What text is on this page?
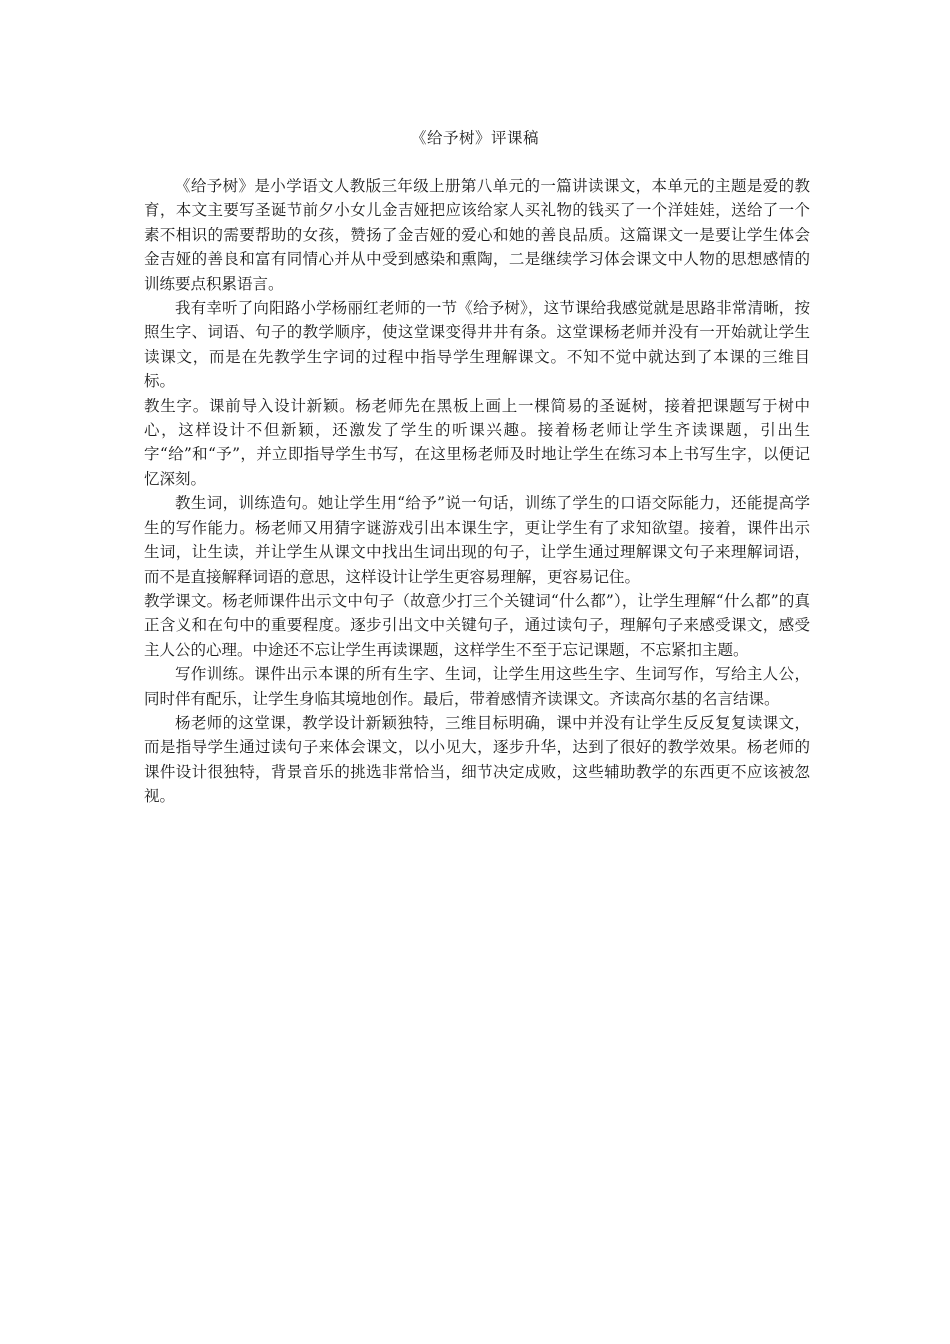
《给予树》评课稿

《给予树》是小学语文人教版三年级上册第八单元的一篇讲读课文，本单元的主题是爱的教育，本文主要写圣诞节前夕小女儿金吉娅把应该给家人买礼物的钱买了一个洋娃娃，送给了一个素不相识的需要帮助的女孩，赞扬了金吉娅的爱心和她的善良品质。这篇课文一是要让学生体会金吉娅的善良和富有同情心并从中受到感染和熏陶，二是继续学习体会课文中人物的思想感情的训练要点积累语言。

我有幸听了向阳路小学杨丽红老师的一节《给予树》，这节课给我感觉就是思路非常清晰，按照生字、词语、句子的教学顺序，使这堂课变得井井有条。这堂课杨老师并没有一开始就让学生读课文，而是在先教学生字词的过程中指导学生理解课文。不知不觉中就达到了本课的三维目标。

教生字。课前导入设计新颖。杨老师先在黑板上画上一棵简易的圣诞树，接着把课题写于树中心，这样设计不但新颖，还激发了学生的听课兴趣。接着杨老师让学生齐读课题，引出生字“给”和“予”，并立即指导学生书写，在这里杨老师及时地让学生在练习本上书写生字，以便记忆深刻。

教生词，训练造句。她让学生用“给予”说一句话，训练了学生的口语交际能力，还能提高学生的写作能力。杨老师又用猜字谜游戏引出本课生字，更让学生有了求知欲望。接着，课件出示生词，让生读，并让学生从课文中找出生词出现的句子，让学生通过理解课文句子来理解词语，而不是直接解释词语的意思，这样设计让学生更容易理解，更容易记住。

教学课文。杨老师课件出示文中句子（故意少打三个关键词“什么都”），让学生理解“什么都”的真正含义和在句中的重要程度。逐步引出文中关键句子，通过读句子，理解句子来感受课文，感受主人公的心理。中途还不忘让学生再读课题，这样学生不至于忘记课题，不忘紧扣主题。

写作训练。课件出示本课的所有生字、生词，让学生用这些生字、生词写作，写给主人公，同时伴有配乐，让学生身临其境地创作。最后，带着感情齐读课文。齐读高尔基的名言结课。

杨老师的这堂课，教学设计新颖独特，三维目标明确，课中并没有让学生反反复复读课文，而是指导学生通过读句子来体会课文，以小见大，逐步升华，达到了很好的教学效果。杨老师的课件设计很独特，背景音乐的挑选非常恰当，细节决定成败，这些辅助教学的东西更不应该被忽视。
